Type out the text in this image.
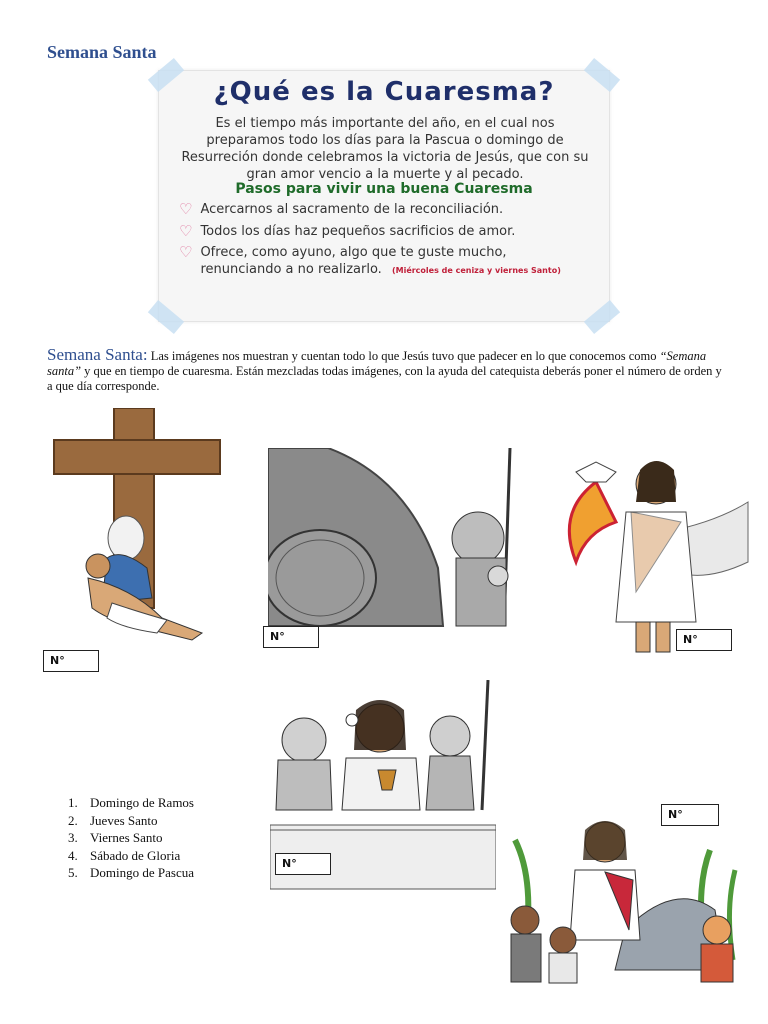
Semana Santa
¿Qué es la Cuaresma?
Es el tiempo más importante del año, en el cual nos preparamos todo los días para la Pascua o domingo de Resurreción donde celebramos la victoria de Jesús, que con su gran amor vencio a la muerte y al pecado.
Pasos para vivir una buena Cuaresma
♡ Acercarnos al sacramento de la reconciliación.
♡ Todos los días haz pequeños sacrificios de amor.
♡ Ofrece, como ayuno, algo que te guste mucho, renunciando a no realizarlo. (Miércoles de ceniza y viernes Santo)
Semana Santa: Las imágenes nos muestran y cuentan todo lo que Jesús tuvo que padecer en lo que conocemos como “Semana santa” y que en tiempo de cuaresma. Están mezcladas todas imágenes, con la ayuda del catequista deberás poner el número de orden y a que día corresponde.
N°
N°	N°
N°
N°
1. Domingo de Ramos
2. Jueves Santo
3. Viernes Santo
4. Sábado de Gloria
5. Domingo de Pascua
